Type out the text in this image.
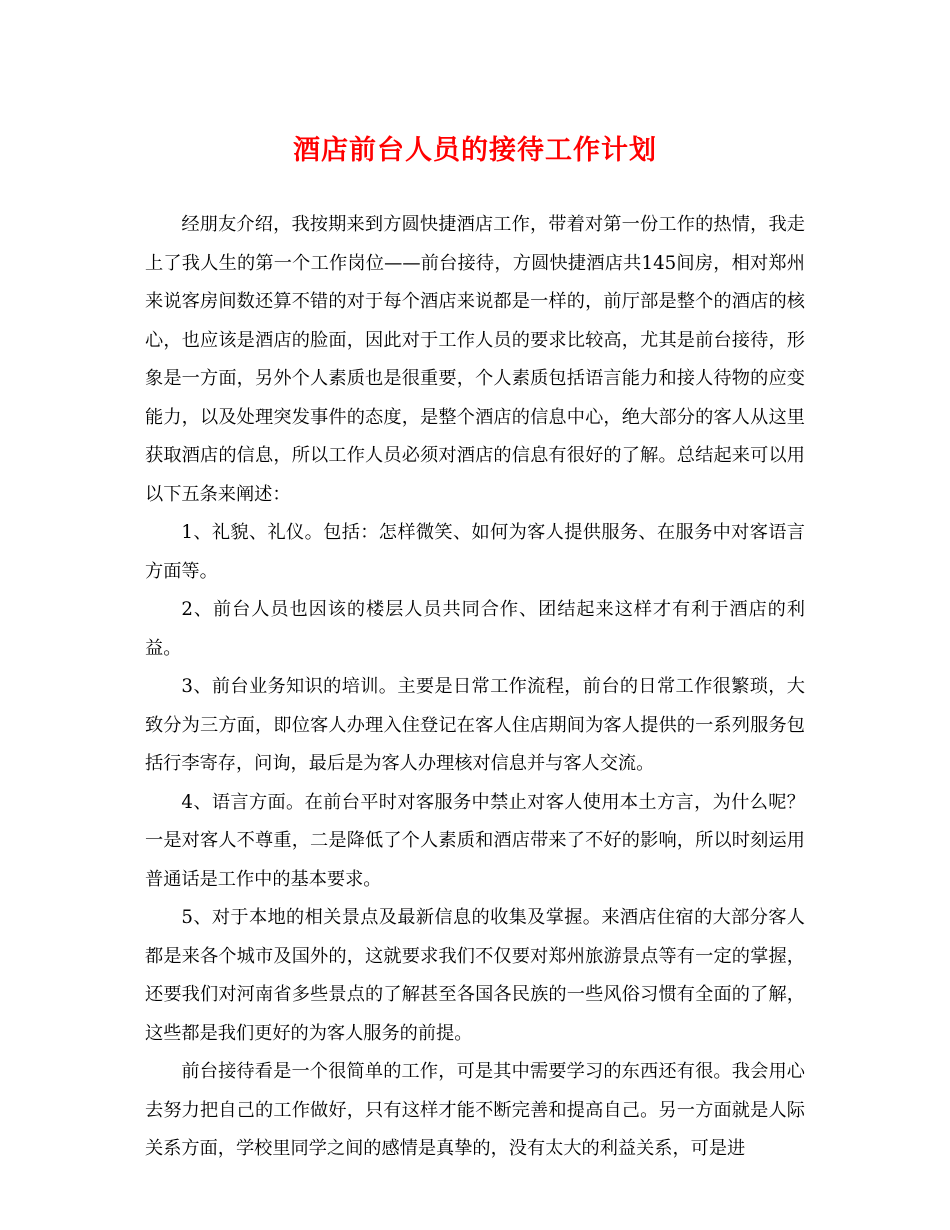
酒店前台人员的接待工作计划

经朋友介绍，我按期来到方圆快捷酒店工作，带着对第一份工作的热情，我走上了我人生的第一个工作岗位——前台接待，方圆快捷酒店共145间房，相对郑州来说客房间数还算不错的对于每个酒店来说都是一样的，前厅部是整个的酒店的核心，也应该是酒店的脸面，因此对于工作人员的要求比较高，尤其是前台接待，形象是一方面，另外个人素质也是很重要，个人素质包括语言能力和接人待物的应变能力，以及处理突发事件的态度，是整个酒店的信息中心，绝大部分的客人从这里获取酒店的信息，所以工作人员必须对酒店的信息有很好的了解。总结起来可以用以下五条来阐述：

1、礼貌、礼仪。包括：怎样微笑、如何为客人提供服务、在服务中对客语言方面等。

2、前台人员也因该的楼层人员共同合作、团结起来这样才有利于酒店的利益。

3、前台业务知识的培训。主要是日常工作流程，前台的日常工作很繁琐，大致分为三方面，即位客人办理入住登记在客人住店期间为客人提供的一系列服务包括行李寄存，问询，最后是为客人办理核对信息并与客人交流。

4、语言方面。在前台平时对客服务中禁止对客人使用本土方言，为什么呢？一是对客人不尊重，二是降低了个人素质和酒店带来了不好的影响，所以时刻运用普通话是工作中的基本要求。

5、对于本地的相关景点及最新信息的收集及掌握。来酒店住宿的大部分客人都是来各个城市及国外的，这就要求我们不仅要对郑州旅游景点等有一定的掌握，还要我们对河南省多些景点的了解甚至各国各民族的一些风俗习惯有全面的了解，这些都是我们更好的为客人服务的前提。

前台接待看是一个很简单的工作，可是其中需要学习的东西还有很。我会用心去努力把自己的工作做好，只有这样才能不断完善和提高自己。另一方面就是人际关系方面，学校里同学之间的感情是真挚的，没有太大的利益关系，可是进
